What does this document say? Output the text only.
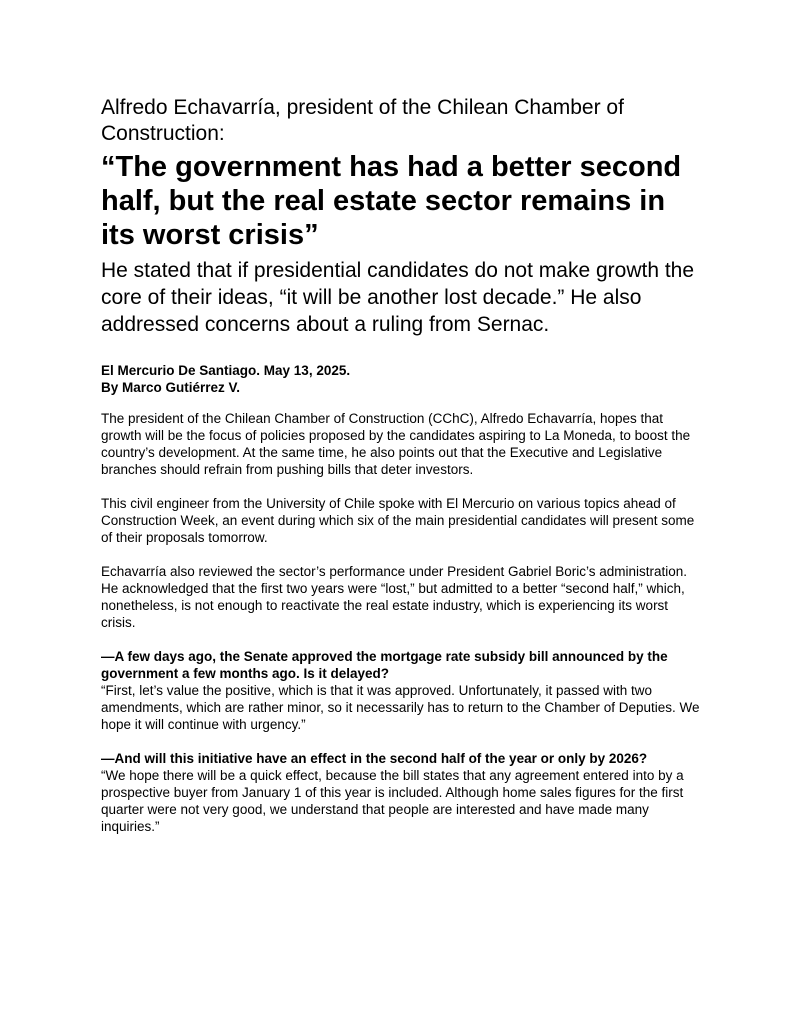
Alfredo Echavarría, president of the Chilean Chamber of Construction:
“The government has had a better second half, but the real estate sector remains in its worst crisis”

He stated that if presidential candidates do not make growth the core of their ideas, “it will be another lost decade.” He also addressed concerns about a ruling from Sernac.

El Mercurio De Santiago. May 13, 2025.
By Marco Gutiérrez V.

The president of the Chilean Chamber of Construction (CChC), Alfredo Echavarría, hopes that growth will be the focus of policies proposed by the candidates aspiring to La Moneda, to boost the country’s development. At the same time, he also points out that the Executive and Legislative branches should refrain from pushing bills that deter investors.

This civil engineer from the University of Chile spoke with El Mercurio on various topics ahead of Construction Week, an event during which six of the main presidential candidates will present some of their proposals tomorrow.

Echavarría also reviewed the sector’s performance under President Gabriel Boric’s administration. He acknowledged that the first two years were “lost,” but admitted to a better “second half,” which, nonetheless, is not enough to reactivate the real estate industry, which is experiencing its worst crisis.

—A few days ago, the Senate approved the mortgage rate subsidy bill announced by the government a few months ago. Is it delayed?

“First, let’s value the positive, which is that it was approved. Unfortunately, it passed with two amendments, which are rather minor, so it necessarily has to return to the Chamber of Deputies. We hope it will continue with urgency.”

—And will this initiative have an effect in the second half of the year or only by 2026?

“We hope there will be a quick effect, because the bill states that any agreement entered into by a prospective buyer from January 1 of this year is included. Although home sales figures for the first quarter were not very good, we understand that people are interested and have made many inquiries.”
